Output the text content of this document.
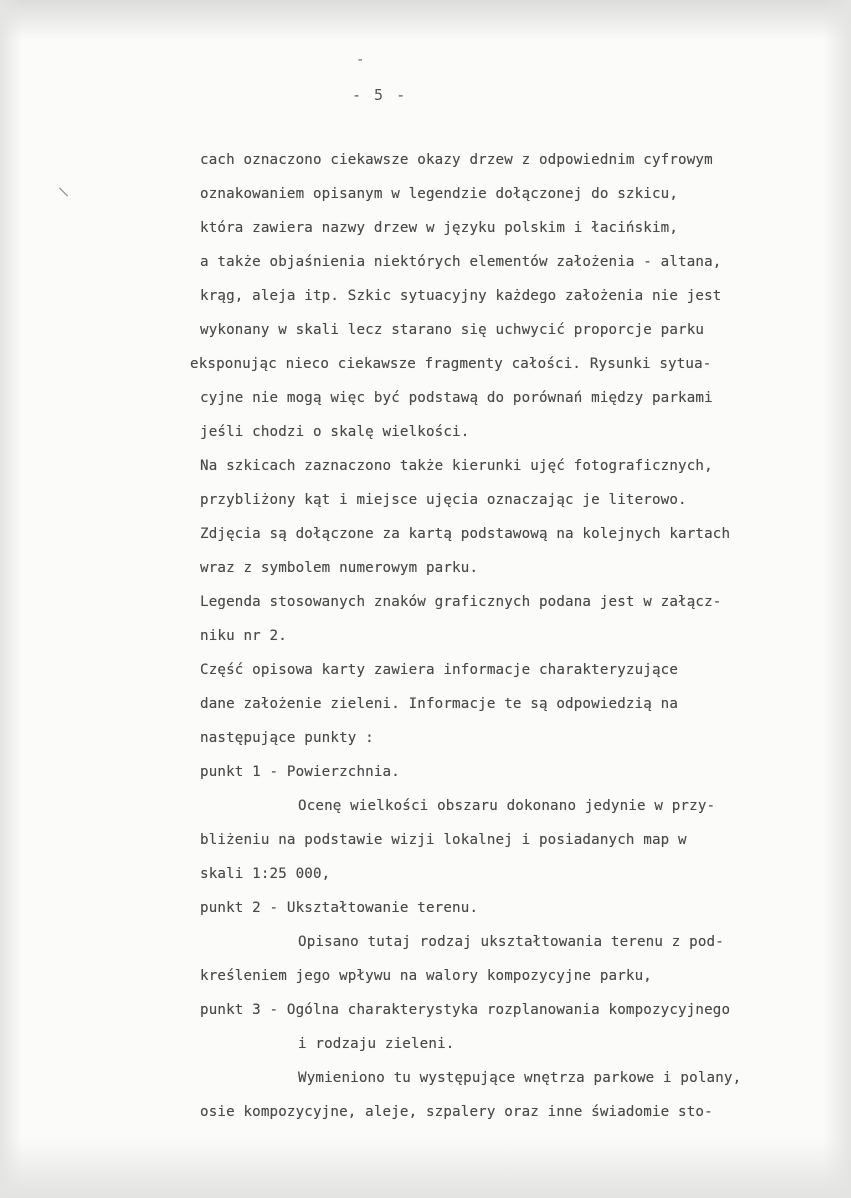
-
- 5 -
\
cach oznaczono ciekawsze okazy drzew z odpowiednim cyfrowym
oznakowaniem opisanym w legendzie dołączonej do szkicu,
która zawiera nazwy drzew w języku polskim i łacińskim,
a także objaśnienia niektórych elementów założenia - altana,
krąg, aleja itp. Szkic sytuacyjny każdego założenia nie jest
wykonany w skali lecz starano się uchwycić proporcje parku
eksponując nieco ciekawsze fragmenty całości. Rysunki sytua-
cyjne nie mogą więc być podstawą do porównań między parkami
jeśli chodzi o skalę wielkości.
Na szkicach zaznaczono także kierunki ujęć fotograficznych,
przybliżony kąt i miejsce ujęcia oznaczając je literowo.
Zdjęcia są dołączone za kartą podstawową na kolejnych kartach
wraz z symbolem numerowym parku.
Legenda stosowanych znaków graficznych podana jest w załącz-
niku nr 2.
Część opisowa karty zawiera informacje charakteryzujące
dane założenie zieleni. Informacje te są odpowiedzią na
następujące punkty :
punkt 1 - Powierzchnia.
Ocenę wielkości obszaru dokonano jedynie w przy-
bliżeniu na podstawie wizji lokalnej i posiadanych map w
skali 1:25 000,
punkt 2 - Ukształtowanie terenu.
Opisano tutaj rodzaj ukształtowania terenu z pod-
kreśleniem jego wpływu na walory kompozycyjne parku,
punkt 3 - Ogólna charakterystyka rozplanowania kompozycyjnego
i rodzaju zieleni.
Wymieniono tu występujące wnętrza parkowe i polany,
osie kompozycyjne, aleje, szpalery oraz inne świadomie sto-
